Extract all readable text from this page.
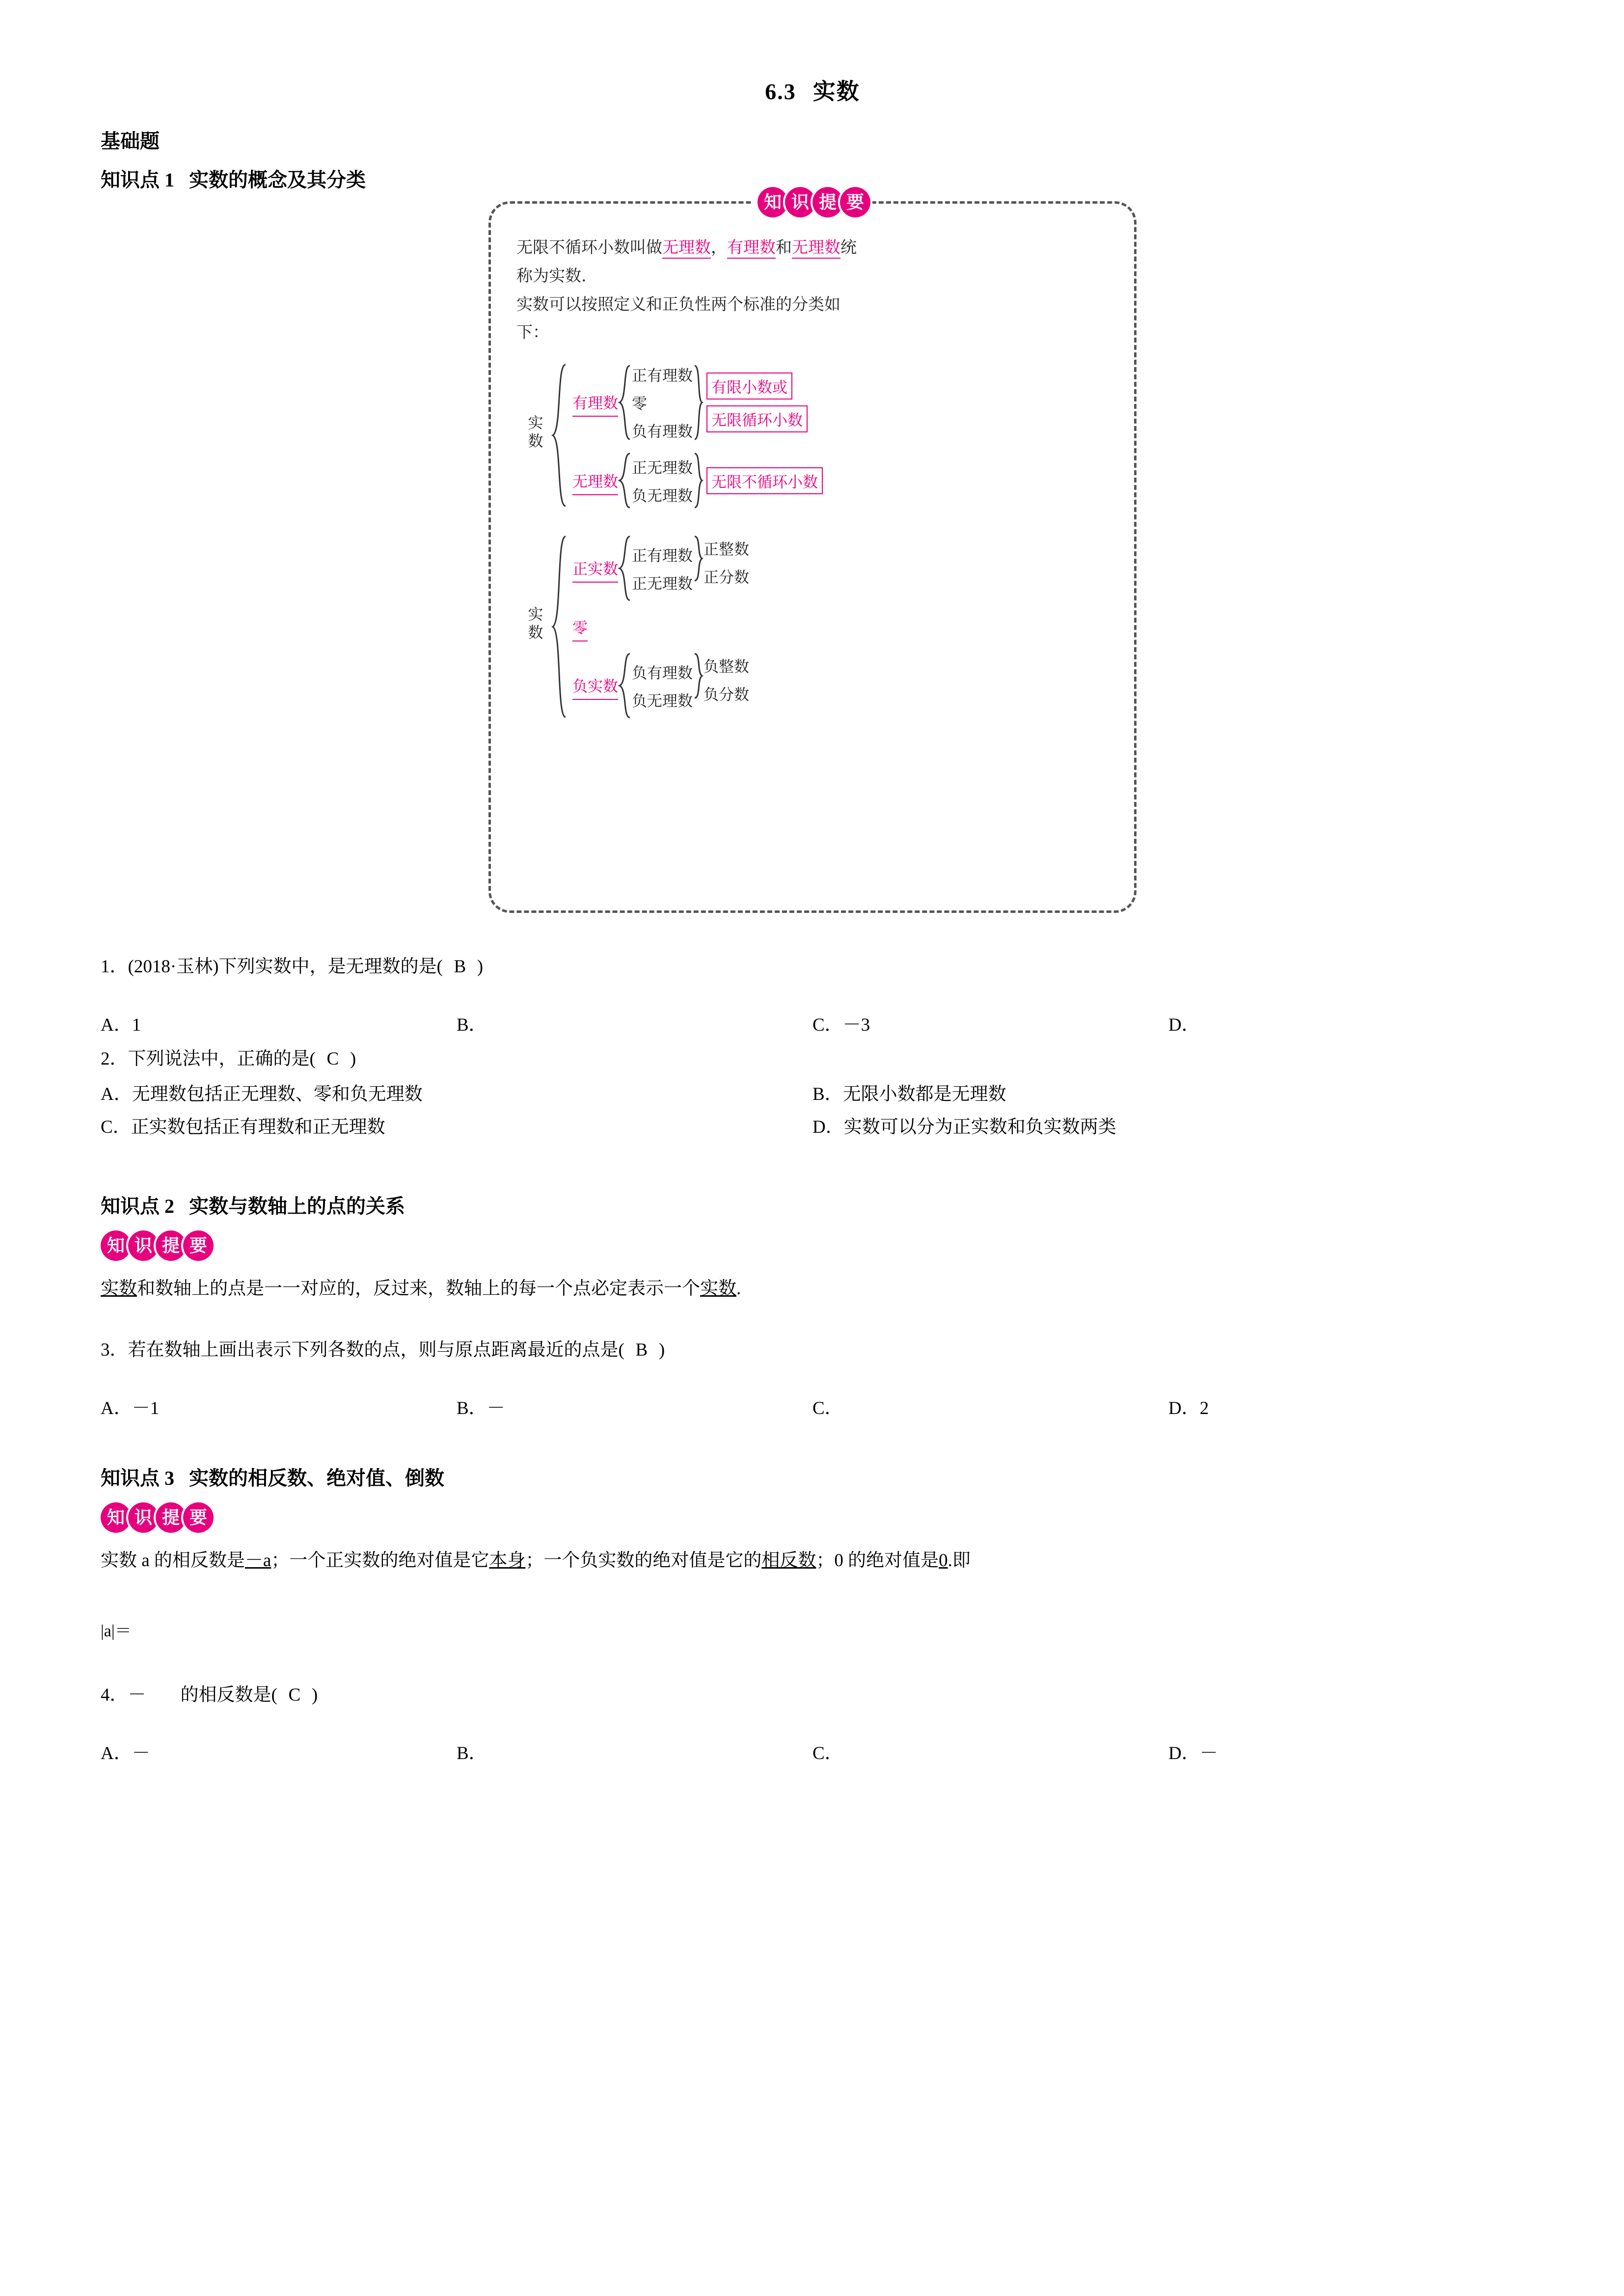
6.3 实数
基础题
知识点 1 实数的概念及其分类
知 识 提 要
无限不循环小数叫做无理数，有理数和无理数统
称为实数.
实数可以按照定义和正负性两个标准的分类如
下：
实数
有理数
正有理数
零
负有理数
有限小数或
无限循环小数
无理数
正无理数
负无理数
无限不循环小数
实数
正实数
正有理数
正无理数
正整数
正分数
零
负实数
负有理数
负无理数
负整数
负分数
1．(2018·玉林)下列实数中，是无理数的是( B )
A．1	B．	C．－3	D．
2．下列说法中，正确的是( C )
A．无理数包括正无理数、零和负无理数	B．无限小数都是无理数
C．正实数包括正有理数和正无理数	D．实数可以分为正实数和负实数两类
知识点 2 实数与数轴上的点的关系
知 识 提 要
实数和数轴上的点是一一对应的，反过来，数轴上的每一个点必定表示一个实数.
3．若在数轴上画出表示下列各数的点，则与原点距离最近的点是( B )
A．－1	B．－	C．	D．2
知识点 3 实数的相反数、绝对值、倒数
知 识 提 要
实数 a 的相反数是－a；一个正实数的绝对值是它本身；一个负实数的绝对值是它的相反数；0 的绝对值是0.即
|a|＝
4．－ 的相反数是( C )
A．－	B．	C．	D．－
